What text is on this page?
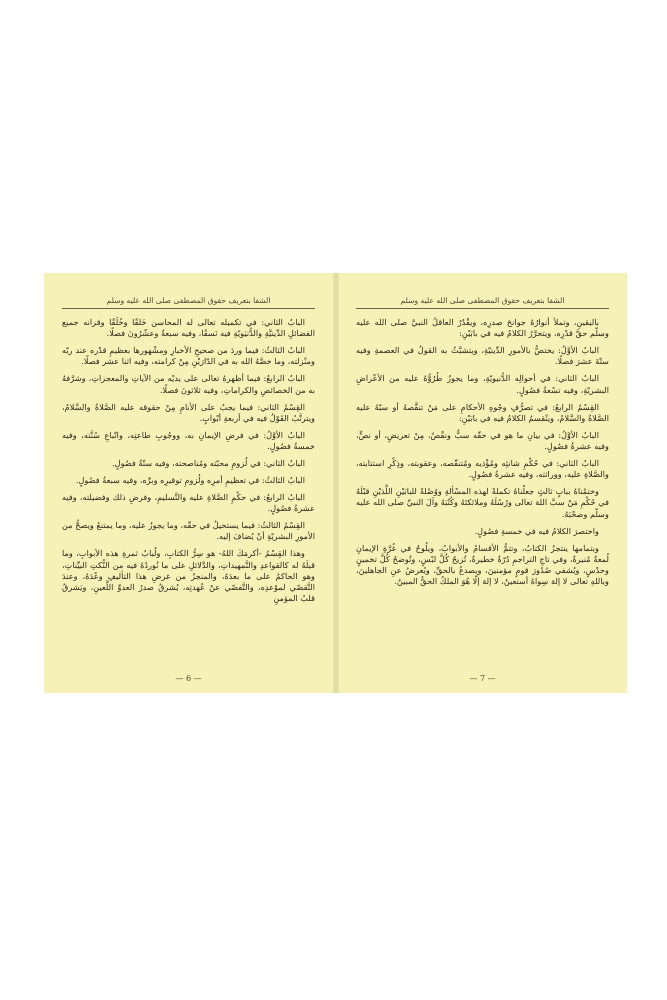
الشفا بتعريف حقوق المصطفى صلى الله عليه وسلم

البابُ الثاني: في تكميله تعالى له المحاسن خَلقًا وخُلُقًا وقرانه جميع الفضائلِ الدِّينيَّةِ والدُّنيَويّةِ فيه نَسقًا، وفيه سبعةٌ وعشْرُونَ فصلًا.

البابُ الثالثُ: فيما وردَ من صحيحِ الأخبارِ ومشْهورها بعظيمِ قدْره عند ربّه ومنْزلته، وما خصَّهُ الله به في الدّارَيْنِ مِنْ كرامته، وفيه اثنا عشر فصلًا.

البابُ الرابعُ: فيما أظهرهُ تعالى على يديْه من الآياتِ والمعجزاتِ، وشرَّفهُ به من الخصائصِ والكراماتِ، وفيه ثلاثونَ فصلًا.

القِسْمُ الثاني: فيما يجبُ على الأنامِ مِنْ حقوقه عليه الصَّلاةُ والسَّلامُ، ويترتَّبُ القَوْلُ فيه في أربعةِ أبْوابٍ.

البابُ الأوَّلُ: في فرضِ الإيمانِ به، ووجُوبِ طاعتِه، واتّباعِ سُنَّته، وفيه خمسةُ فصُولٍ.

البابُ الثاني: في لُزومِ محبّته ومُناصحته، وفيه ستّةُ فصُولٍ.

البابُ الثالثُ: في تعظيمِ أمرِه ولُزومِ توقيرِه وبرِّه، وفيه سبعةُ فصُولٍ.

البابُ الرابعُ: في حكْمِ الصَّلاةِ عليه والتَّسليمِ، وفرضِ ذلك وفضيلته، وفيه عشرةُ فصُولٍ.

القِسْمُ الثالثُ: فيما يستحيلُ في حقّه، وما يجوزُ عليه، وما يمتنعُ ويصحُّ من الأمورِ البشريّةِ أنْ يُضافَ إليه.

وهذا القِسْمُ -أكرمَكَ اللهُ- هو سِرُّ الكتابِ، ولُبابُ ثمرةِ هذه الأبوابِ، وما قبلَهُ له كالقواعدِ والتَّمهيداتِ، والدَّلائلِ على ما نُوردُهُ فيه من النُّكتِ البيِّناتِ، وهو الحاكمُ على ما بعدَهُ، والمنجزُ من غرضِ هذا التأليفِ وعْدَهُ، وعندَ التَّقصّي لموْعدِه، والتَّفصّي عنْ عُهدتِه، يُشرقُ صدرُ العدوِّ اللَّعينِ، ويَشرقُ قلبُ المؤمنِ

— 6 —
الشفا بتعريف حقوق المصطفى صلى الله عليه وسلم

باليقينِ، وتملأُ أنوارُهُ جوانحَ صدرِه، ويقْدُرُ العاقلُ النبيَّ صلى الله عليه وسلّم حقَّ قدْرِه، ويتحرَّرُ الكلامُ فيه في بابَيْنِ:

البابُ الأوَّلُ: يختصُّ بالأمورِ الدِّينيّةِ، ويتشبَّثُ به القولُ في العصمةِ وفيه ستّةَ عشرَ فصلًا.

البابُ الثاني: في أحوالِه الدُّنيويّةِ، وما يجوزُ طُرُوُّهُ عليه من الأعْراضِ البشريّةِ، وفيه تسْعةُ فصُولٍ.

القِسْمُ الرابعُ: في تصرُّفِ وجُوهِ الأحكامِ على مَنْ تنقَّصهُ أو سبّهُ عليه الصَّلاةُ والسَّلامُ، وينْقسمُ الكلامُ فيه في بابَيْنِ:

البابُ الأوَّلُ: في بيانِ ما هو في حقّه سبٌّ ونقْصٌ، مِنْ تعريضٍ، أو نصٍّ، وفيه عشرةُ فصُولٍ.

البابُ الثاني: في حُكْمِ شانئِه ومُؤْذيه ومُتنقّصه، وعقوبته، وذِكْرِ استتابته، والصَّلاةِ عليه، ووراثته، وفيه عشرةُ فصُولٍ.

وختمْناهُ ببابٍ ثالثٍ جعلْناهُ تكملةً لهذه المسْألةِ ووُصْلةً للبابَيْنِ اللَّذيْنِ قبْلَهُ في حُكْمِ مَنْ سبَّ اللهَ تعالى ورُسُلَهُ وملائكتَهُ وكُتُبَهُ وآلَ النبيِّ صلى الله عليه وسلّم وصحْبَهُ.

واختصرَ الكلامُ فيه في خمسةِ فصُولٍ.

وبتمامها ينتجزُ الكتابُ، وتتمُّ الأقسامُ والأبوابُ، ويلُوحُ في غُرَّةِ الإيمانِ لُمعةٌ مُنيرةٌ، وفي تاجِ التراجمِ دُرّةٌ خطيرةٌ، تُزيحُ كُلَّ لبْسٍ، وتُوضحُ كُلَّ تخمينٍ وحدْسٍ، ويُشفي صُدُورَ قومٍ مؤمنينَ، ويصدعُ بالحقِّ، ويُعرضُ عنِ الجاهلينَ، وباللهِ تعالى لا إلهَ سِواهُ أستعينُ، لا إلهَ إلّا هُوَ الملكُ الحقُّ المبينُ.

— 7 —
